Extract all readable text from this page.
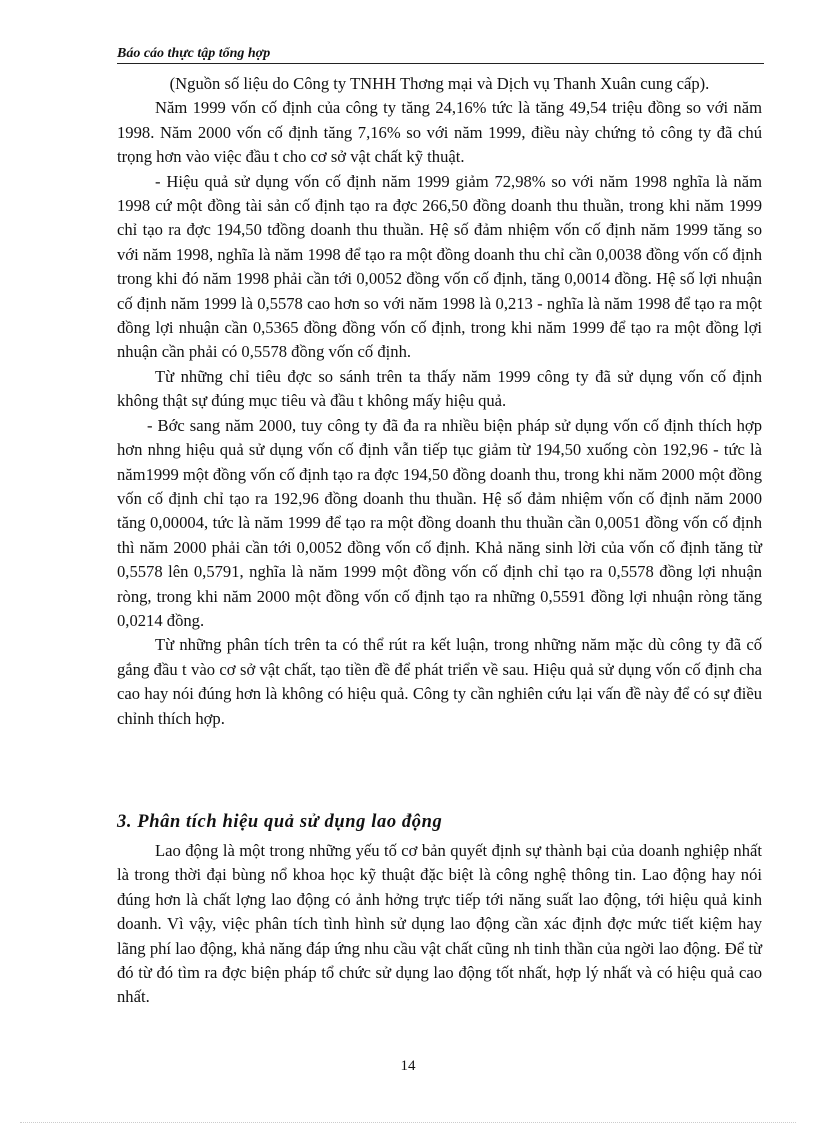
Báo cáo thực tập tổng hợp

(Nguồn số liệu do Công ty TNHH Thơng mại và Dịch vụ Thanh Xuân cung cấp).

Năm 1999 vốn cố định của công ty tăng 24,16% tức là tăng 49,54 triệu đồng so với năm 1998. Năm 2000 vốn cố định tăng 7,16% so với năm 1999, điều này chứng tỏ công ty đã chú trọng hơn vào việc đầu t cho cơ sở vật chất kỹ thuật.

- Hiệu quả sử dụng vốn cố định năm 1999 giảm 72,98% so với năm 1998 nghĩa là năm 1998 cứ một đồng tài sản cố định tạo ra đợc 266,50 đồng doanh thu thuần, trong khi năm 1999 chỉ tạo ra đợc 194,50 tđồng doanh thu thuần. Hệ số đảm nhiệm vốn cố định năm 1999 tăng so với năm 1998, nghĩa là năm 1998 để tạo ra một đồng doanh thu chỉ cần 0,0038 đồng vốn cố định trong khi đó năm 1998 phải cần tới 0,0052 đồng vốn cố định, tăng 0,0014 đồng. Hệ số lợi nhuận cố định năm 1999 là 0,5578 cao hơn so với năm 1998 là 0,213 - nghĩa là năm 1998 để tạo ra một đồng lợi nhuận cần 0,5365 đồng đồng vốn cố định, trong khi năm 1999 để tạo ra một đồng lợi nhuận cần phải có 0,5578 đồng vốn cố định.

Từ những chỉ tiêu đợc so sánh trên ta thấy năm 1999 công ty đã sử dụng vốn cố định không thật sự đúng mục tiêu và đầu t không mấy hiệu quả.

- Bớc sang năm 2000, tuy công ty đã đa ra nhiều biện pháp sử dụng vốn cố định thích hợp hơn nhng hiệu quả sử dụng vốn cố định vẫn tiếp tục giảm từ 194,50 xuống còn 192,96 - tức là năm1999 một đồng vốn cố định tạo ra đợc 194,50 đồng doanh thu, trong khi năm 2000 một đồng vốn cố định chỉ tạo ra 192,96 đồng doanh thu thuần. Hệ số đảm nhiệm vốn cố định năm 2000 tăng 0,00004, tức là năm 1999 để tạo ra một đồng doanh thu thuần cần 0,0051 đồng vốn cố định thì năm 2000 phải cần tới 0,0052 đồng vốn cố định. Khả năng sinh lời của vốn cố định tăng từ 0,5578 lên 0,5791, nghĩa là năm 1999 một đồng vốn cố định chỉ tạo ra 0,5578 đồng lợi nhuận ròng, trong khi năm 2000 một đồng vốn cố định tạo ra những 0,5591 đồng lợi nhuận ròng tăng 0,0214 đồng.

Từ những phân tích trên ta có thể rút ra kết luận, trong những năm mặc dù công ty đã cố gắng đầu t vào cơ sở vật chất, tạo tiền đề để phát triển về sau. Hiệu quả sử dụng vốn cố định cha cao hay nói đúng hơn là không có hiệu quả. Công ty cần nghiên cứu lại vấn đề này để có sự điều chỉnh thích hợp.

3. Phân tích hiệu quả sử dụng lao động

Lao động là một trong những yếu tố cơ bản quyết định sự thành bại của doanh nghiệp nhất là trong thời đại bùng nổ khoa học kỹ thuật đặc biệt là công nghệ thông tin. Lao động hay nói đúng hơn là chất lợng lao động có ảnh hởng trực tiếp tới năng suất lao động, tới hiệu quả kinh doanh. Vì vậy, việc phân tích tình hình sử dụng lao động cần xác định đợc mức tiết kiệm hay lãng phí lao động, khả năng đáp ứng nhu cầu vật chất cũng nh tinh thần của ngời lao động. Để từ đó từ đó tìm ra đợc biện pháp tổ chức sử dụng lao động tốt nhất, hợp lý nhất và có hiệu quả cao nhất.

14
